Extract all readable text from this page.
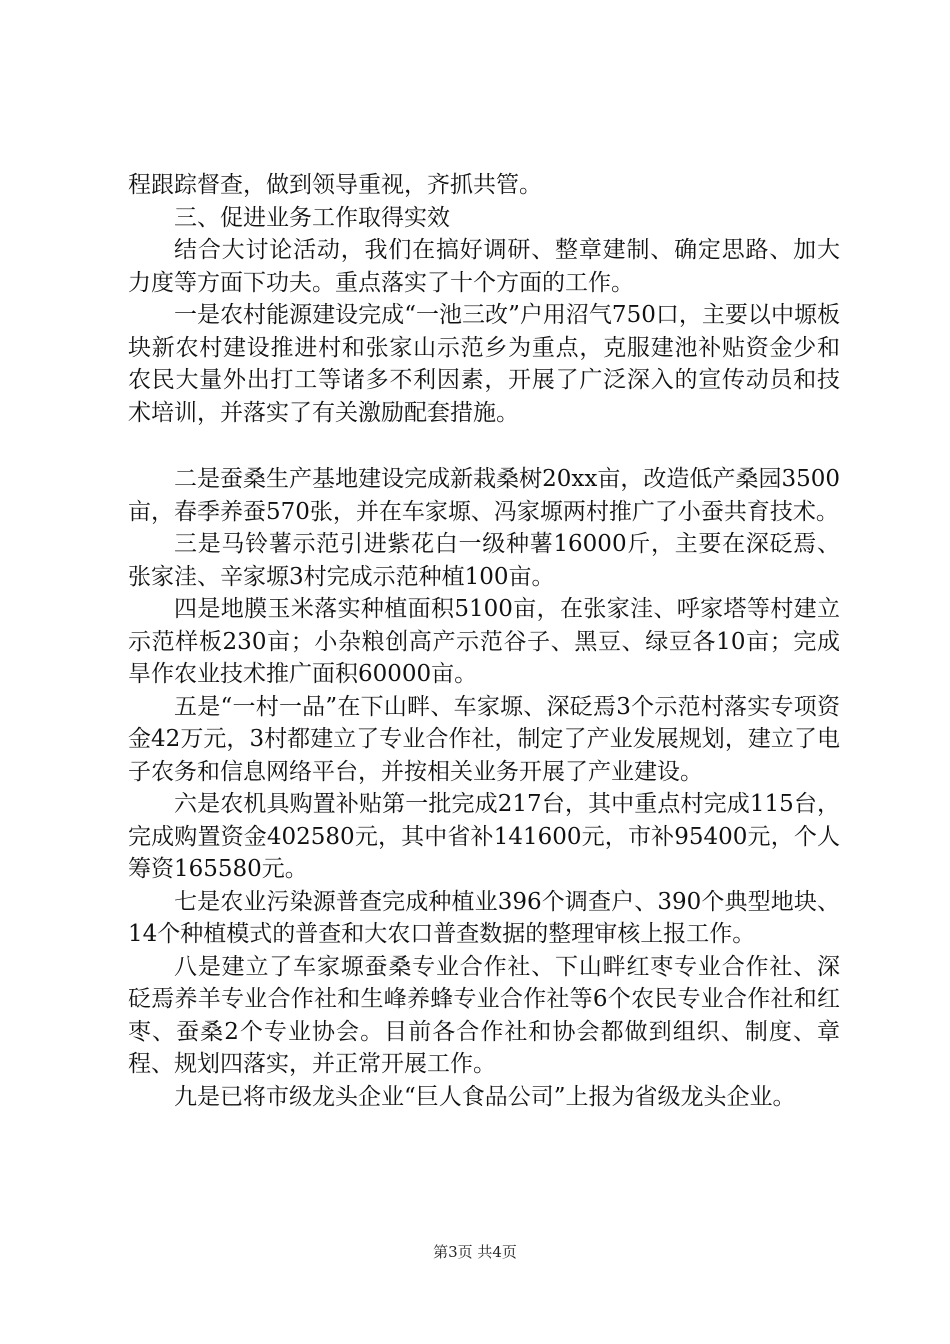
程跟踪督查，做到领导重视，齐抓共管。

三、促进业务工作取得实效

结合大讨论活动，我们在搞好调研、整章建制、确定思路、加大力度等方面下功夫。重点落实了十个方面的工作。

一是农村能源建设完成“一池三改”户用沼气750口，主要以中塬板块新农村建设推进村和张家山示范乡为重点，克服建池补贴资金少和农民大量外出打工等诸多不利因素，开展了广泛深入的宣传动员和技术培训，并落实了有关激励配套措施。

二是蚕桑生产基地建设完成新栽桑树20xx亩，改造低产桑园3500亩，春季养蚕570张，并在车家塬、冯家塬两村推广了小蚕共育技术。

三是马铃薯示范引进紫花白一级种薯16000斤，主要在深砭焉、张家洼、辛家塬3村完成示范种植100亩。

四是地膜玉米落实种植面积5100亩，在张家洼、呼家塔等村建立示范样板230亩；小杂粮创高产示范谷子、黑豆、绿豆各10亩；完成旱作农业技术推广面积60000亩。

五是“一村一品”在下山畔、车家塬、深砭焉3个示范村落实专项资金42万元，3村都建立了专业合作社，制定了产业发展规划，建立了电子农务和信息网络平台，并按相关业务开展了产业建设。

六是农机具购置补贴第一批完成217台，其中重点村完成115台，完成购置资金402580元，其中省补141600元，市补95400元，个人筹资165580元。

七是农业污染源普查完成种植业396个调查户、390个典型地块、14个种植模式的普查和大农口普查数据的整理审核上报工作。

八是建立了车家塬蚕桑专业合作社、下山畔红枣专业合作社、深砭焉养羊专业合作社和生峰养蜂专业合作社等6个农民专业合作社和红枣、蚕桑2个专业协会。目前各合作社和协会都做到组织、制度、章程、规划四落实，并正常开展工作。

九是已将市级龙头企业“巨人食品公司”上报为省级龙头企业。

第3页 共4页
